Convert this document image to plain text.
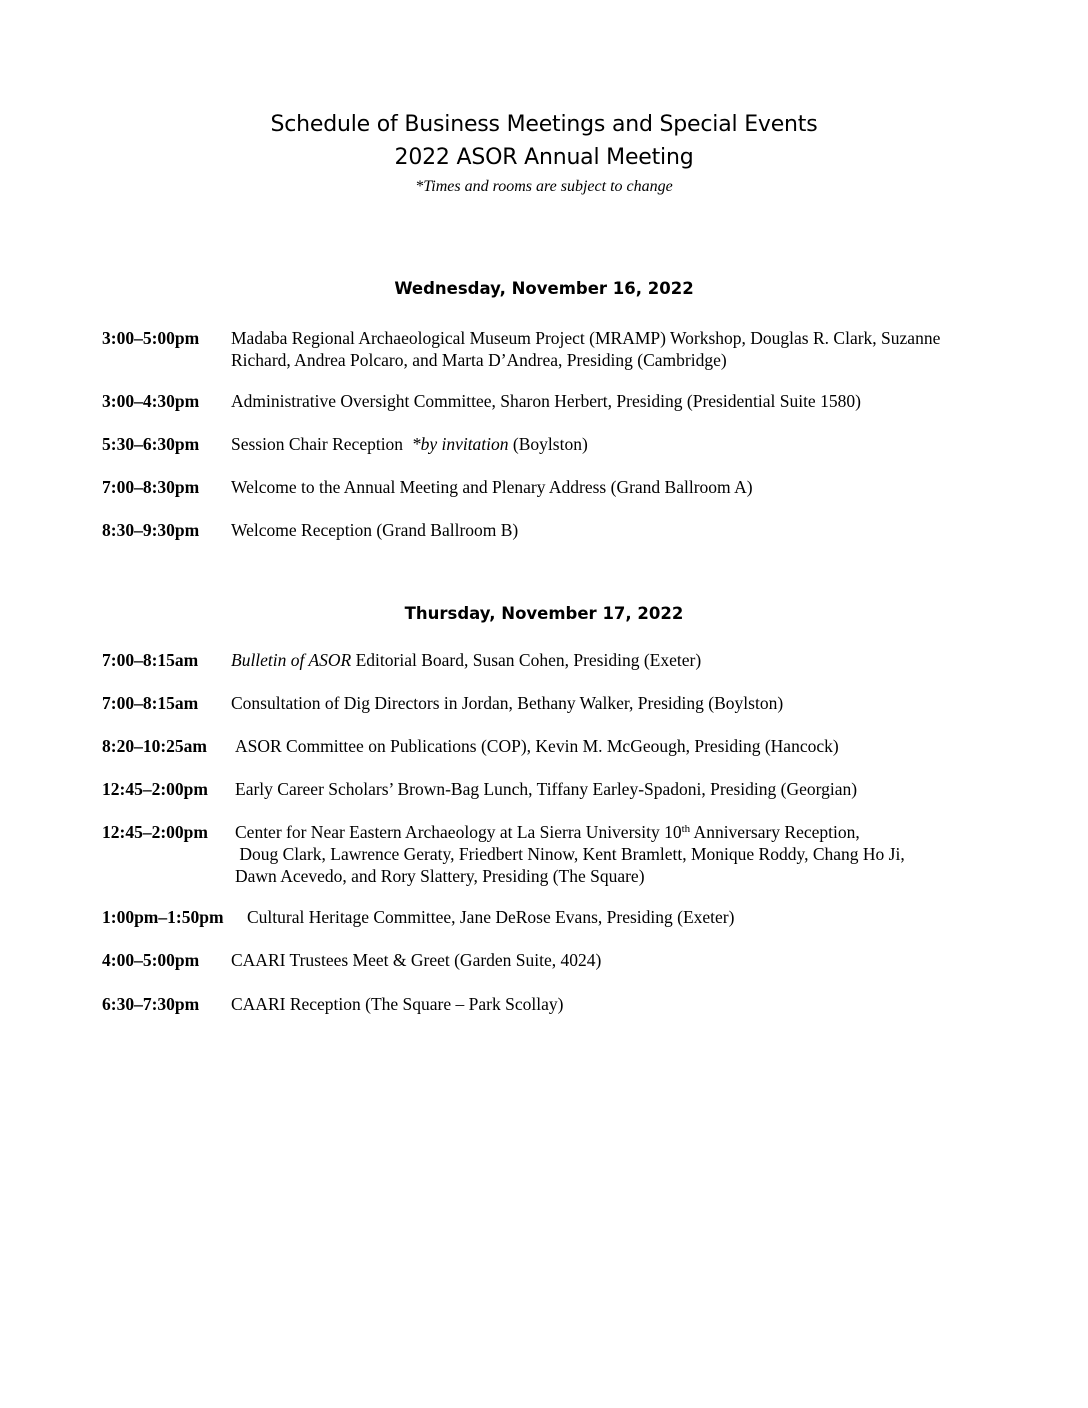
Schedule of Business Meetings and Special Events
2022 ASOR Annual Meeting
*Times and rooms are subject to change
Wednesday, November 16, 2022
3:00–5:00pm Madaba Regional Archaeological Museum Project (MRAMP) Workshop, Douglas R. Clark, Suzanne
Richard, Andrea Polcaro, and Marta D’Andrea, Presiding (Cambridge)
3:00–4:30pm Administrative Oversight Committee, Sharon Herbert, Presiding (Presidential Suite 1580)
5:30–6:30pm Session Chair Reception  *by invitation (Boylston)
7:00–8:30pm Welcome to the Annual Meeting and Plenary Address (Grand Ballroom A)
8:30–9:30pm Welcome Reception (Grand Ballroom B)
Thursday, November 17, 2022
7:00–8:15am Bulletin of ASOR Editorial Board, Susan Cohen, Presiding (Exeter)
7:00–8:15am Consultation of Dig Directors in Jordan, Bethany Walker, Presiding (Boylston)
8:20–10:25am ASOR Committee on Publications (COP), Kevin M. McGeough, Presiding (Hancock)
12:45–2:00pm Early Career Scholars’ Brown-Bag Lunch, Tiffany Earley-Spadoni, Presiding (Georgian)
12:45–2:00pm Center for Near Eastern Archaeology at La Sierra University 10th Anniversary Reception,
Doug Clark, Lawrence Geraty, Friedbert Ninow, Kent Bramlett, Monique Roddy, Chang Ho Ji,
Dawn Acevedo, and Rory Slattery, Presiding (The Square)
1:00pm–1:50pm Cultural Heritage Committee, Jane DeRose Evans, Presiding (Exeter)
4:00–5:00pm CAARI Trustees Meet & Greet (Garden Suite, 4024)
6:30–7:30pm CAARI Reception (The Square – Park Scollay)
